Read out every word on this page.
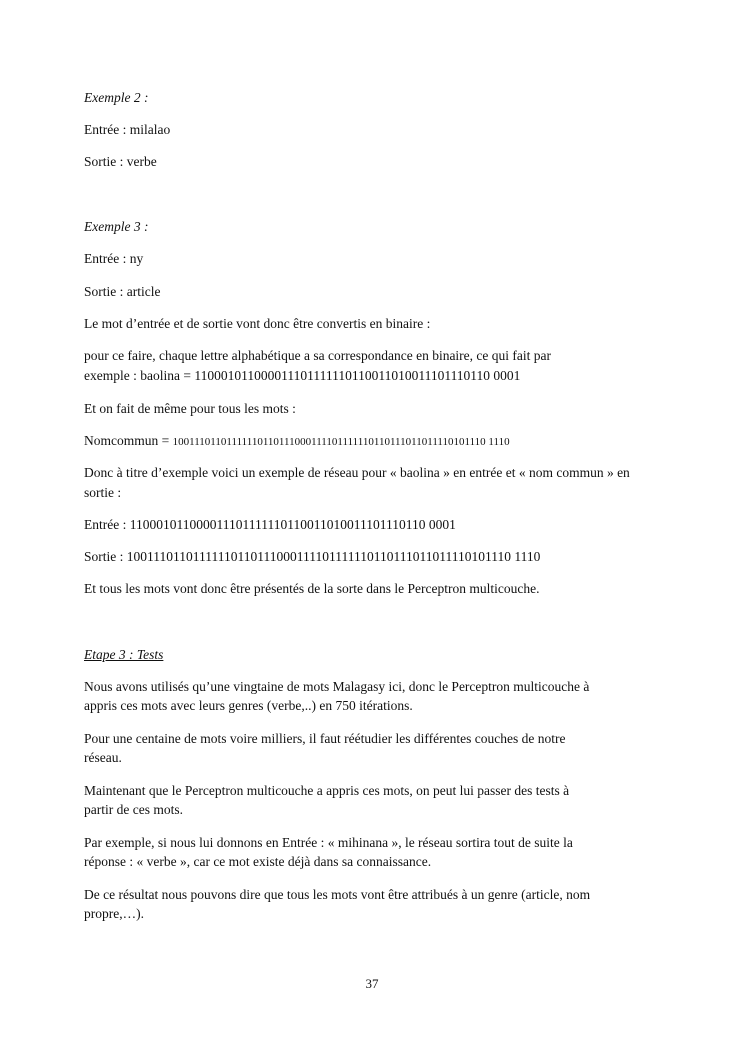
Exemple 2 :
Entrée : milalao
Sortie : verbe
Exemple 3 :
Entrée : ny
Sortie : article
Le mot d’entrée et de sortie vont donc être convertis en binaire :
pour ce faire, chaque lettre alphabétique a sa correspondance en binaire, ce qui fait par
exemple : baolina = 110001011000011101111110110011010011101110110 0001
Et on fait de même pour tous les mots :
Nomcommun = 10011101101111110110111000111101111110110111011011110101110 1110
Donc à titre d’exemple voici un exemple de réseau pour « baolina » en entrée et « nom commun » en
sortie :
Entrée : 110001011000011101111110110011010011101110110 0001
Sortie : 10011101101111110110111000111101111110110111011011110101110 1110
Et tous les mots vont donc être présentés de la sorte dans le Perceptron multicouche.
Etape 3 : Tests
Nous avons utilisés qu’une vingtaine de mots Malagasy ici, donc le Perceptron multicouche à
appris ces mots avec leurs genres (verbe,..) en 750 itérations.
Pour une centaine de mots voire milliers, il faut réétudier les différentes couches de notre
réseau.
Maintenant que le Perceptron multicouche a appris ces mots, on peut lui passer des tests à
partir de ces mots.
Par exemple, si nous lui donnons en Entrée : « mihinana », le réseau sortira tout de suite la
réponse : « verbe », car ce mot existe déjà dans sa connaissance.
De ce résultat nous pouvons dire que tous les mots vont être attribués à un genre (article, nom
propre,…).
37
